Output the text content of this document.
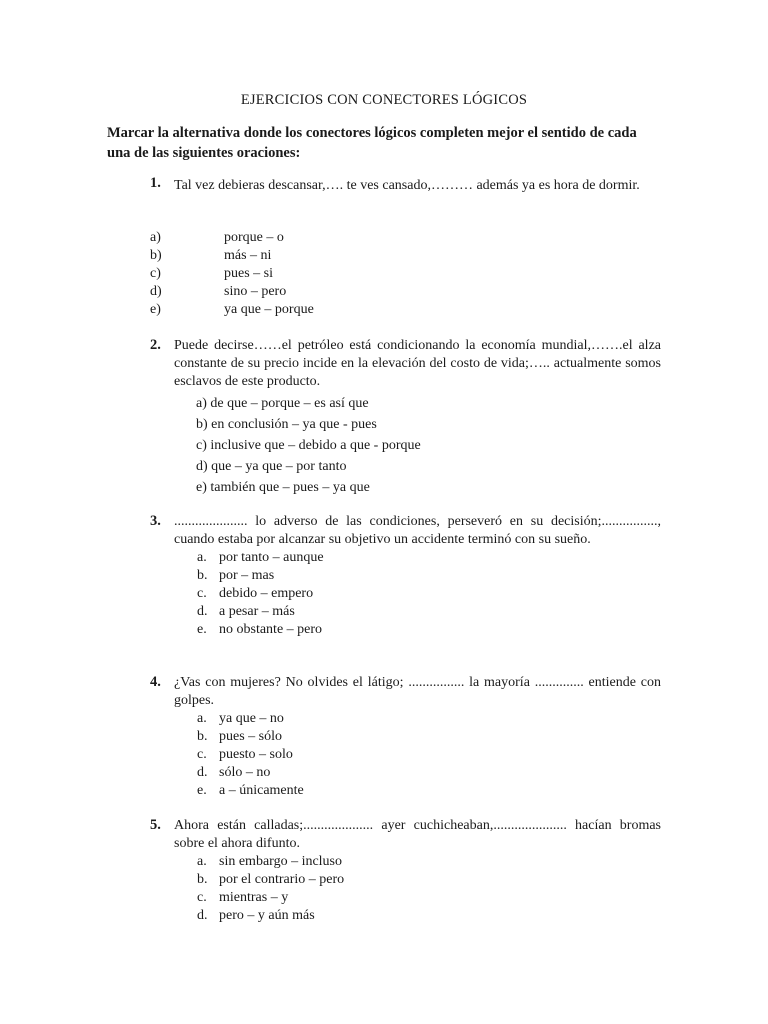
EJERCICIOS CON CONECTORES LÓGICOS
Marcar la alternativa donde los conectores lógicos completen mejor el sentido de cada una de las siguientes oraciones:
1. Tal vez debieras descansar,…. te ves cansado,……… además ya es hora de dormir.
a)	porque – o
b)	más – ni
c)	pues – si
d)	sino – pero
e)	ya que – porque
2. Puede decirse……el petróleo está condicionando la economía mundial,…….el alza constante de su precio incide en la elevación del costo de vida;….. actualmente somos esclavos de este producto.
a) de que – porque – es así que
b) en conclusión – ya que - pues
c) inclusive que – debido a que - porque
d) que – ya que – por tanto
e) también que – pues – ya que
3. ..................... lo adverso de las condiciones, perseveró en su decisión;................, cuando estaba por alcanzar su objetivo un accidente terminó con su sueño.
a. por tanto – aunque
b. por – mas
c. debido – empero
d. a pesar – más
e. no obstante – pero
4. ¿Vas con mujeres? No olvides el látigo; ................ la mayoría .............. entiende con golpes.
a. ya que – no
b. pues – sólo
c. puesto – solo
d. sólo – no
e. a – únicamente
5. Ahora están calladas;.................... ayer cuchicheaban,..................... hacían bromas sobre el ahora difunto.
a. sin embargo – incluso
b. por el contrario – pero
c. mientras – y
d. pero – y aún más
